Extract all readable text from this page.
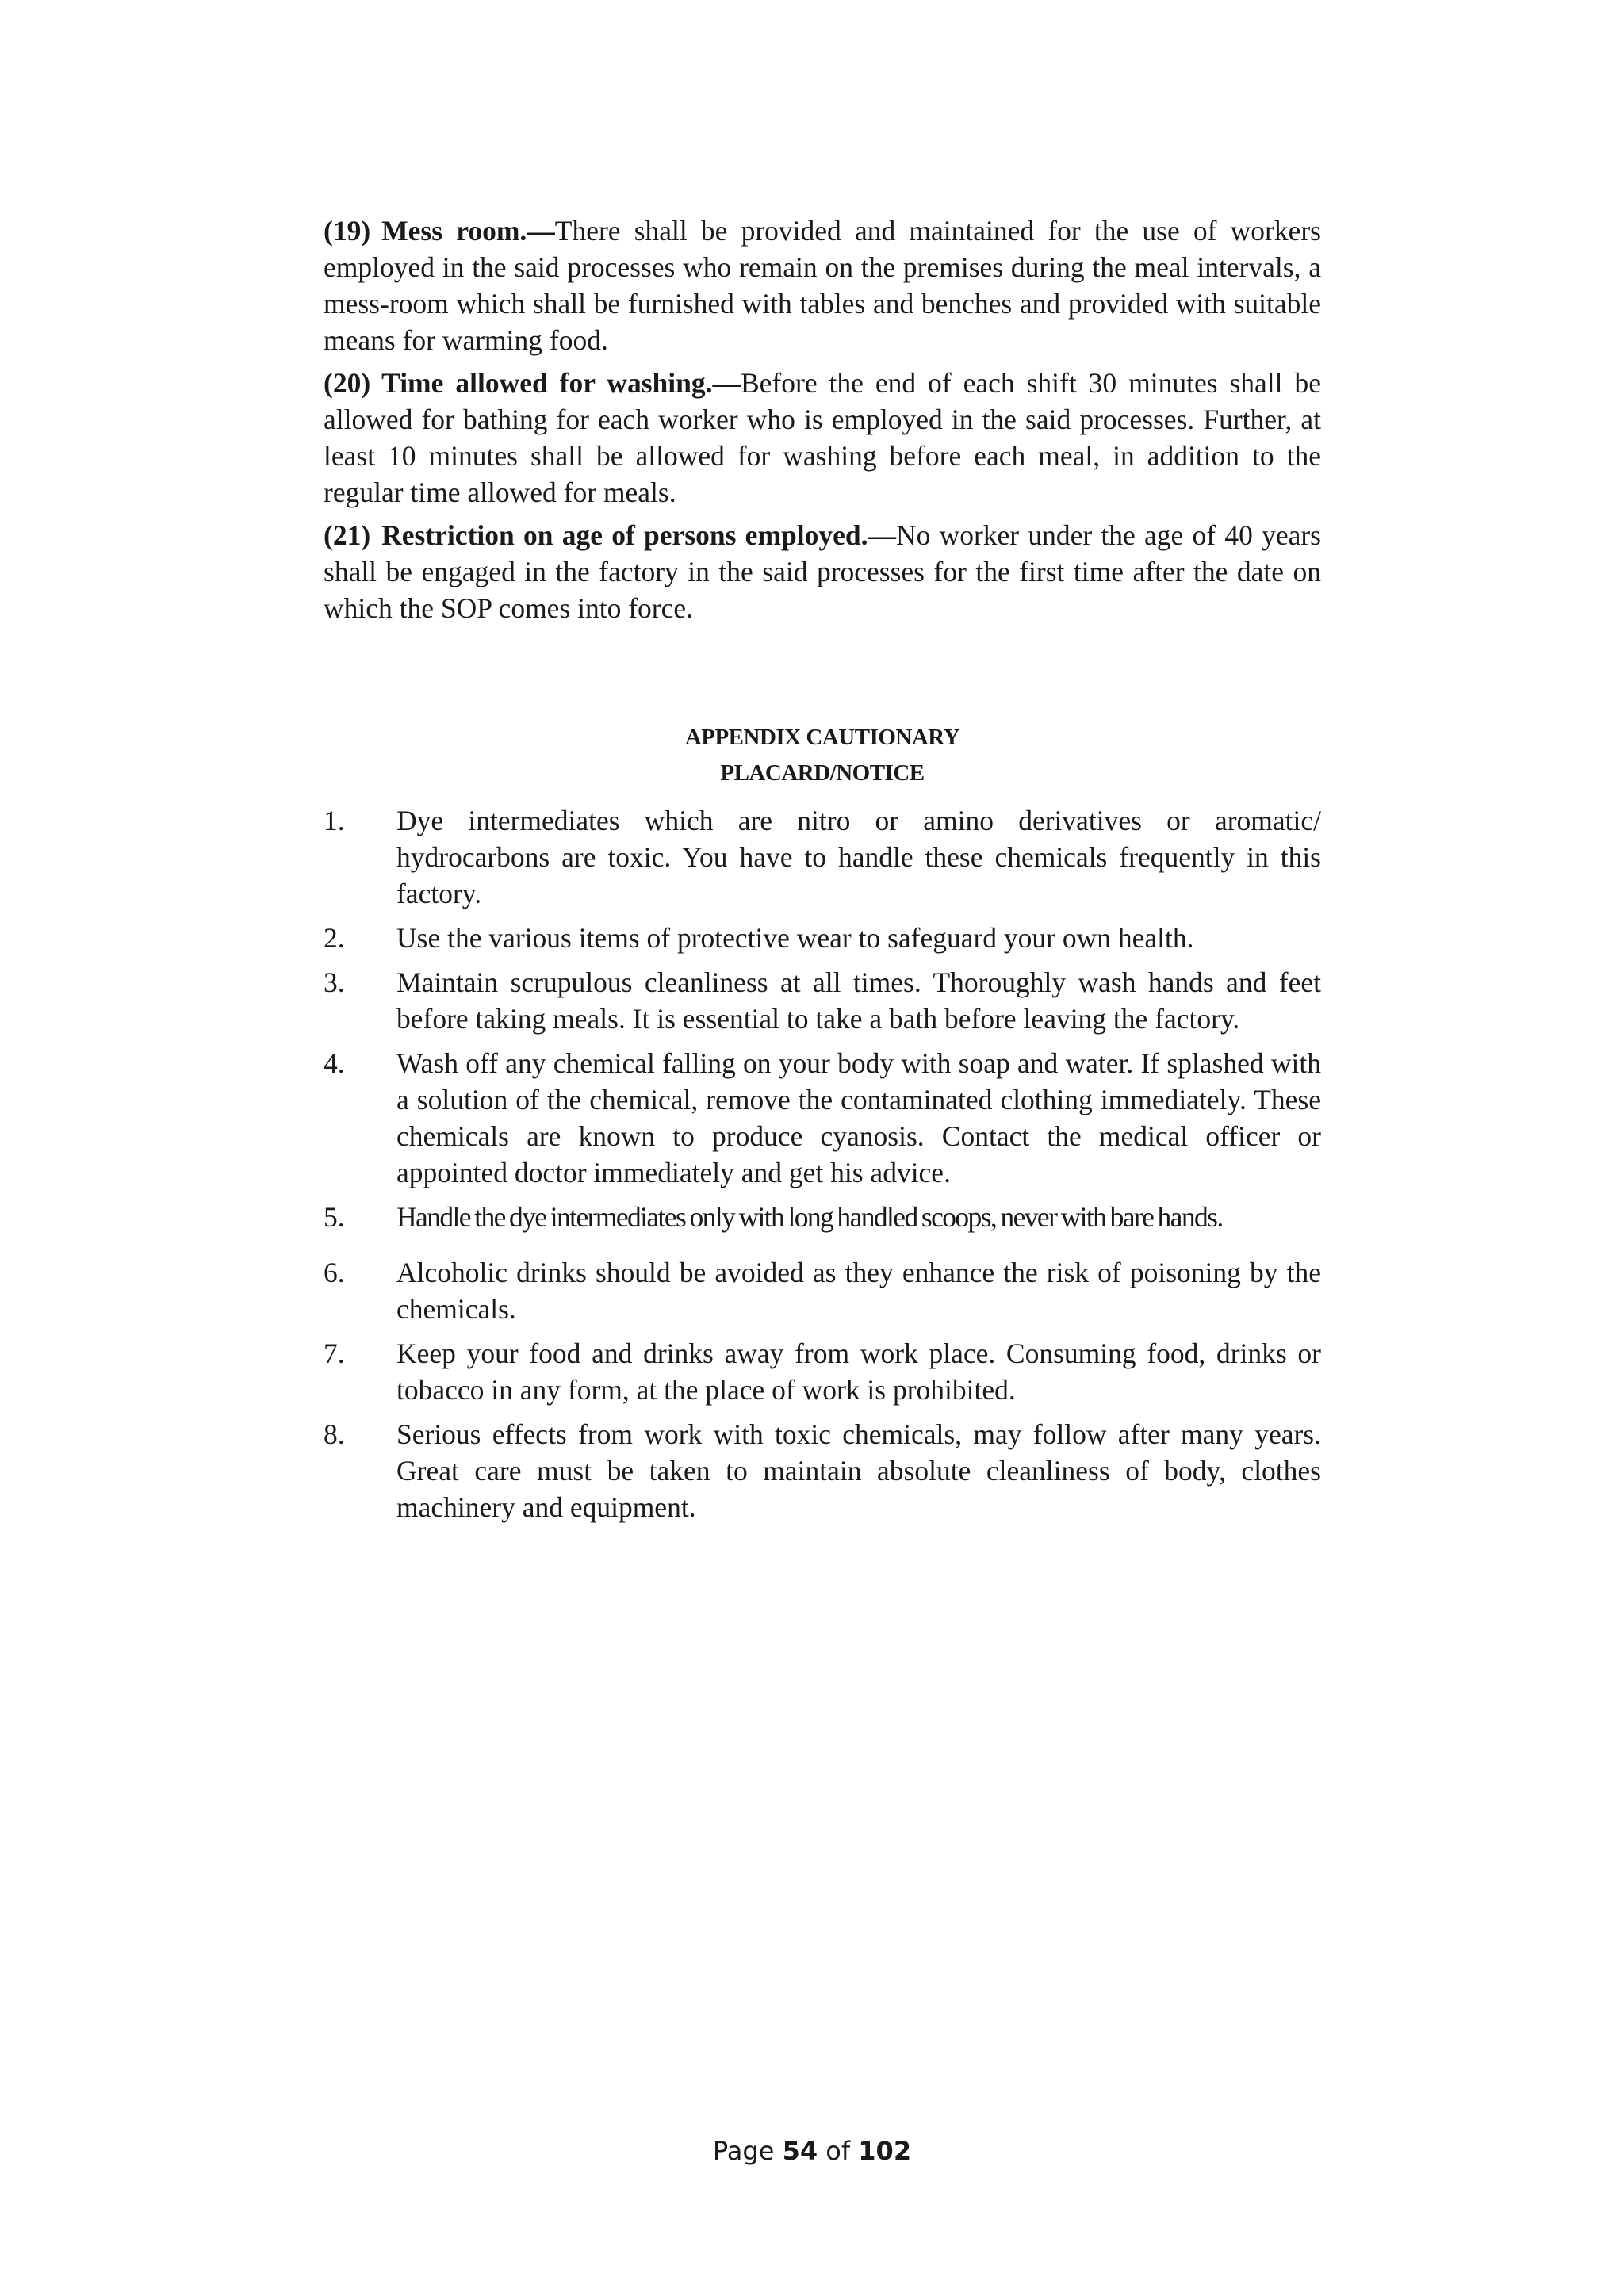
(19) Mess room.—There shall be provided and maintained for the use of workers employed in the said processes who remain on the premises during the meal intervals, a mess-room which shall be furnished with tables and benches and provided with suitable means for warming food.

(20) Time allowed for washing.—Before the end of each shift 30 minutes shall be allowed for bathing for each worker who is employed in the said processes. Further, at least 10 minutes shall be allowed for washing before each meal, in addition to the regular time allowed for meals.

(21) Restriction on age of persons employed.—No worker under the age of 40 years shall be engaged in the factory in the said processes for the first time after the date on which the SOP comes into force.

APPENDIX CAUTIONARY
PLACARD/NOTICE
1. Dye intermediates which are nitro or amino derivatives or aromatic/ hydrocarbons are toxic. You have to handle these chemicals frequently in this factory.
2. Use the various items of protective wear to safeguard your own health.
3. Maintain scrupulous cleanliness at all times. Thoroughly wash hands and feet before taking meals. It is essential to take a bath before leaving the factory.
4. Wash off any chemical falling on your body with soap and water. If splashed with a solution of the chemical, remove the contaminated clothing immediately. These chemicals are known to produce cyanosis. Contact the medical officer or appointed doctor immediately and get his advice.
5. Handle the dye intermediates only with long handled scoops, never with bare hands.
6. Alcoholic drinks should be avoided as they enhance the risk of poisoning by the chemicals.
7. Keep your food and drinks away from work place. Consuming food, drinks or tobacco in any form, at the place of work is prohibited.
8. Serious effects from work with toxic chemicals, may follow after many years. Great care must be taken to maintain absolute cleanliness of body, clothes machinery and equipment.
Page 54 of 102
